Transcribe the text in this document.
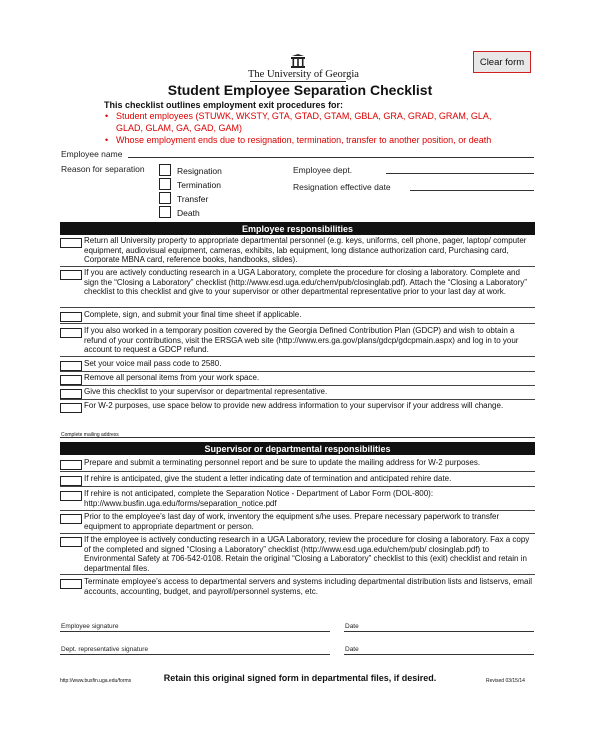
The University of Georgia
Clear form
Student Employee Separation Checklist
This checklist outlines employment exit procedures for:
• Student employees (STUWK, WKSTY, GTA, GTAD, GTAM, GBLA, GRA, GRAD, GRAM, GLA, GLAD, GLAM, GA, GAD, GAM)
• Whose employment ends due to resignation, termination, transfer to another position, or death
Employee name
Reason for separation	Resignation
Termination
Transfer
Death
Employee dept.
Resignation effective date
Employee responsibilities
Return all University property to appropriate departmental personnel (e.g. keys, uniforms, cell phone, pager, laptop/ computer equipment, audiovisual equipment, cameras, exhibits, lab equipment, long distance authorization card, Purchasing card, Corporate MBNA card, reference books, handbooks, slides).
If you are actively conducting research in a UGA Laboratory, complete the procedure for closing a laboratory. Complete and sign the “Closing a Laboratory” checklist (http://www.esd.uga.edu/chem/pub/closinglab.pdf). Attach the “Closing a Laboratory” checklist to this checklist and give to your supervisor or other departmental representative prior to your last day at work.
Complete, sign, and submit your final time sheet if applicable.
If you also worked in a temporary position covered by the Georgia Defined Contribution Plan (GDCP) and wish to obtain a refund of your contributions, visit the ERSGA web site (http://www.ers.ga.gov/plans/gdcp/gdcpmain.aspx) and log in to your account to request a GDCP refund.
Set your voice mail pass code to 2580.
Remove all personal items from your work space.
Give this checklist to your supervisor or departmental representative.
For W-2 purposes, use space below to provide new address information to your supervisor if your address will change.
Complete mailing address
Supervisor or departmental responsibilities
Prepare and submit a terminating personnel report and be sure to update the mailing address for W-2 purposes.
If rehire is anticipated, give the student a letter indicating date of termination and anticipated rehire date.
If rehire is not anticipated, complete the Separation Notice - Department of Labor Form (DOL-800): http://www.busfin.uga.edu/forms/separation_notice.pdf
Prior to the employee’s last day of work, inventory the equipment s/he uses. Prepare necessary paperwork to transfer equipment to appropriate department or person.
If the employee is actively conducting research in a UGA Laboratory, review the procedure for closing a laboratory. Fax a copy of the completed and signed “Closing a Laboratory” checklist (http://www.esd.uga.edu/chem/pub/ closinglab.pdf) to Environmental Safety at 706-542-0108. Retain the original “Closing a Laboratory” checklist to this (exit) checklist and retain in departmental files.
Terminate employee’s access to departmental servers and systems including departmental distribution lists and listservs, email accounts, accounting, budget, and payroll/personnel systems, etc.
Employee signature	Date
Dept. representative signature	Date
http://www.busfin.uga.edu/forms	Retain this original signed form in departmental files, if desired.	Revised 03/15/14
